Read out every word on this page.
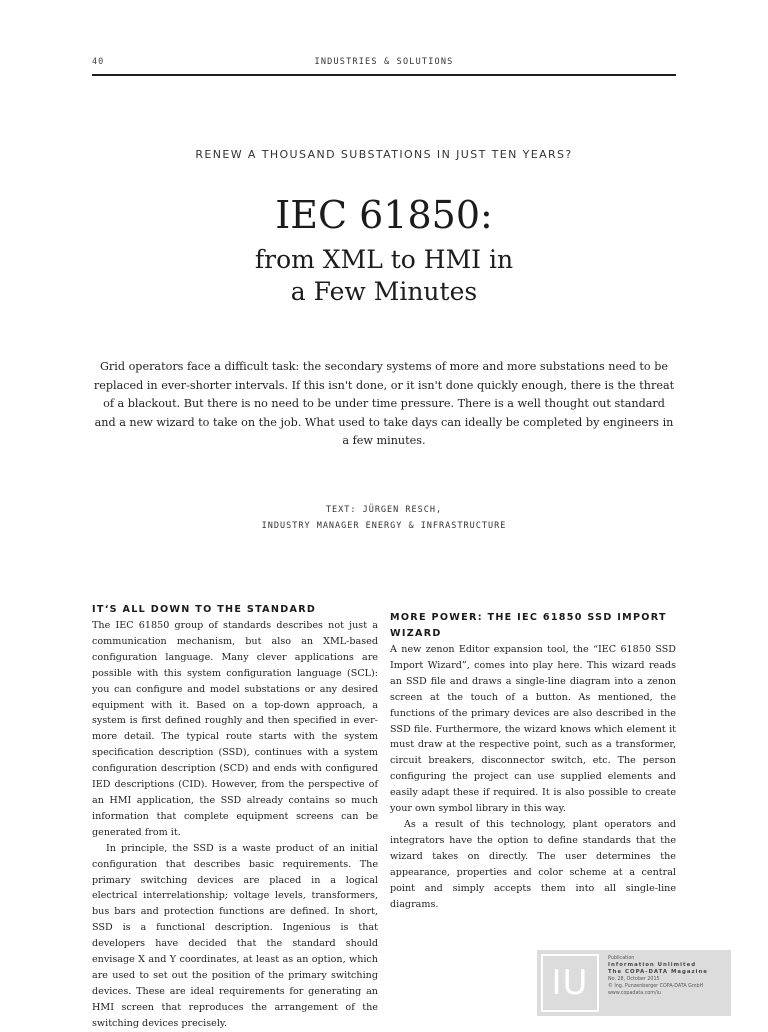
40	INDUSTRIES & SOLUTIONS
RENEW A THOUSAND SUBSTATIONS IN JUST TEN YEARS?
IEC 61850:
from XML to HMI in
a Few Minutes
Grid operators face a difficult task: the secondary systems of more and more substations need to be replaced in ever-shorter intervals. If this isn't done, or it isn't done quickly enough, there is the threat of a blackout. But there is no need to be under time pressure. There is a well thought out standard and a new wizard to take on the job. What used to take days can ideally be completed by engineers in a few minutes.
TEXT: JÜRGEN RESCH,
INDUSTRY MANAGER ENERGY & INFRASTRUCTURE
IT‘S ALL DOWN TO THE STANDARD

The IEC 61850 group of standards describes not just a communication mechanism, but also an XML-based configuration language. Many clever applications are possible with this system configuration language (SCL): you can configure and model substations or any desired equipment with it. Based on a top-down approach, a system is first defined roughly and then specified in ever-more detail. The typical route starts with the system specification description (SSD), continues with a system configuration description (SCD) and ends with configured IED descriptions (CID). However, from the perspective of an HMI application, the SSD already contains so much information that complete equipment screens can be generated from it.

In principle, the SSD is a waste product of an initial configuration that describes basic requirements. The primary switching devices are placed in a logical electrical interrelationship; voltage levels, transformers, bus bars and protection functions are defined. In short, SSD is a functional description. Ingenious is that developers have decided that the standard should envisage X and Y coordinates, at least as an option, which are used to set out the position of the primary switching devices. These are ideal requirements for generating an HMI screen that reproduces the arrangement of the switching devices precisely.

MORE POWER: THE IEC 61850 SSD IMPORT WIZARD

A new zenon Editor expansion tool, the “IEC 61850 SSD Import Wizard”, comes into play here. This wizard reads an SSD file and draws a single-line diagram into a zenon screen at the touch of a button. As mentioned, the functions of the primary devices are also described in the SSD file. Furthermore, the wizard knows which element it must draw at the respective point, such as a transformer, circuit breakers, disconnector switch, etc. The person configuring the project can use supplied elements and easily adapt these if required. It is also possible to create your own symbol library in this way.

As a result of this technology, plant operators and integrators have the option to define standards that the wizard takes on directly. The user determines the appearance, properties and color scheme at a central point and simply accepts them into all single-line diagrams.

IU
Publication
Information Unlimited
The COPA-DATA Magazine
No. 28, October 2015
© Ing. Punzenberger COPA-DATA GmbH
www.copadata.com/iu
